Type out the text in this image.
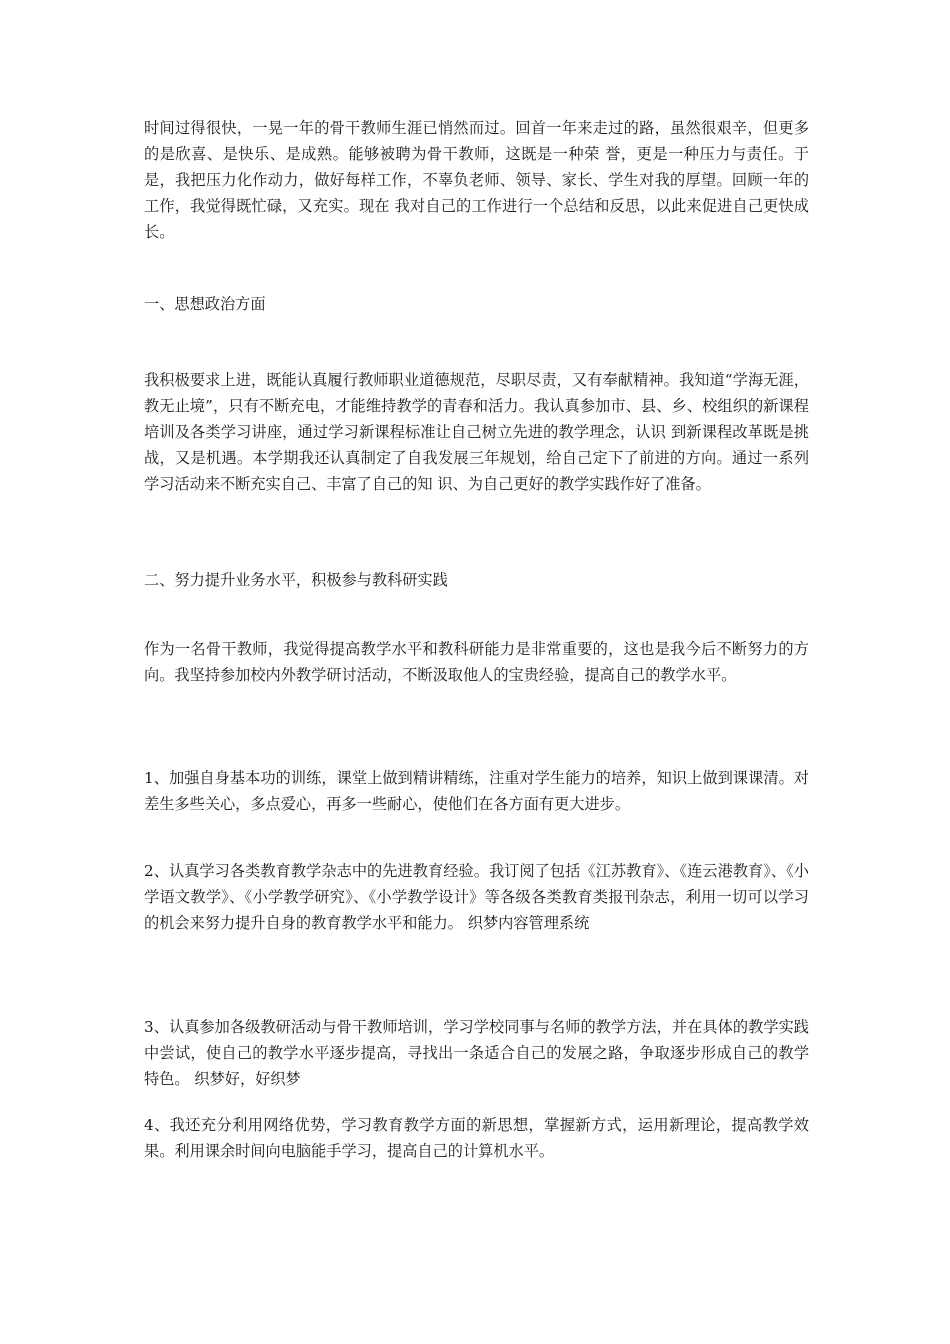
时间过得很快，一晃一年的骨干教师生涯已悄然而过。回首一年来走过的路，虽然很艰辛，但更多的是欣喜、是快乐、是成熟。能够被聘为骨干教师，这既是一种荣 誉，更是一种压力与责任。于是，我把压力化作动力，做好每样工作，不辜负老师、领导、家长、学生对我的厚望。回顾一年的工作，我觉得既忙碌，又充实。现在 我对自己的工作进行一个总结和反思，以此来促进自己更快成长。

一、思想政治方面

我积极要求上进，既能认真履行教师职业道德规范，尽职尽责，又有奉献精神。我知道“学海无涯，教无止境”，只有不断充电，才能维持教学的青春和活力。我认真参加市、县、乡、校组织的新课程培训及各类学习讲座，通过学习新课程标准让自己树立先进的教学理念，认识 到新课程改革既是挑战，又是机遇。本学期我还认真制定了自我发展三年规划，给自己定下了前进的方向。通过一系列学习活动来不断充实自己、丰富了自己的知 识、为自己更好的教学实践作好了准备。

二、努力提升业务水平，积极参与教科研实践

作为一名骨干教师，我觉得提高教学水平和教科研能力是非常重要的，这也是我今后不断努力的方向。我坚持参加校内外教学研讨活动，不断汲取他人的宝贵经验，提高自己的教学水平。

1、加强自身基本功的训练，课堂上做到精讲精练，注重对学生能力的培养，知识上做到课课清。对差生多些关心，多点爱心，再多一些耐心，使他们在各方面有更大进步。

2、认真学习各类教育教学杂志中的先进教育经验。我订阅了包括《江苏教育》、《连云港教育》、《小学语文教学》、《小学教学研究》、《小学教学设计》等各级各类教育类报刊杂志，利用一切可以学习的机会来努力提升自身的教育教学水平和能力。 织梦内容管理系统

3、认真参加各级教研活动与骨干教师培训，学习学校同事与名师的教学方法，并在具体的教学实践中尝试，使自己的教学水平逐步提高，寻找出一条适合自己的发展之路，争取逐步形成自己的教学特色。 织梦好，好织梦

4、我还充分利用网络优势，学习教育教学方面的新思想，掌握新方式，运用新理论，提高教学效果。利用课余时间向电脑能手学习，提高自己的计算机水平。
